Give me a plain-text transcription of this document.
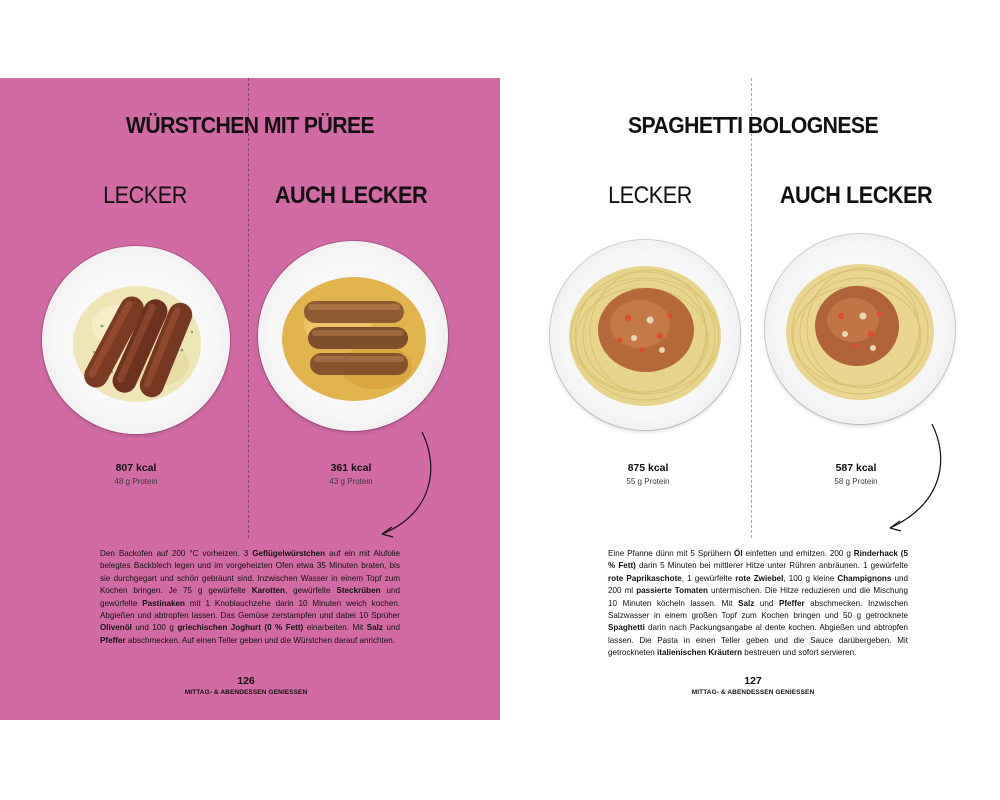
WÜRSTCHEN MIT PÜREE
LECKER	AUCH LECKER
807 kcal
48 g Protein
361 kcal
43 g Protein
Den Backofen auf 200 °C vorheizen. 3 Geflügelwürstchen auf ein mit Alufolie belegtes Backblech legen und im vorgeheizten Ofen etwa 35 Minuten braten, bis sie durchgegart und schön gebräunt sind. Inzwischen Wasser in einem Topf zum Kochen bringen. Je 75 g gewürfelte Karotten, gewürfelte Steckrüben und gewürfelte Pastinaken mit 1 Knoblauchzehe darin 10 Minuten weich kochen. Abgießen und abtropfen lassen. Das Gemüse zerstampfen und dabei 10 Sprüher Olivenöl und 100 g griechischen Joghurt (0 % Fett) einarbeiten. Mit Salz und Pfeffer abschmecken. Auf einen Teller geben und die Würstchen darauf anrichten.
126
MITTAG- & ABENDESSEN GENIESSEN
SPAGHETTI BOLOGNESE
LECKER	AUCH LECKER
875 kcal
55 g Protein
587 kcal
58 g Protein
Eine Pfanne dünn mit 5 Sprühern Öl einfetten und erhitzen. 200 g Rinderhack (5 % Fett) darin 5 Minuten bei mittlerer Hitze unter Rühren anbräunen. 1 gewürfelte rote Paprikaschote, 1 gewürfelte rote Zwiebel, 100 g kleine Champignons und 200 ml passierte Tomaten untermischen. Die Hitze reduzieren und die Mischung 10 Minuten köcheln lassen. Mit Salz und Pfeffer abschmecken. Inzwischen Salzwasser in einem großen Topf zum Kochen bringen und 50 g getrocknete Spaghetti darin nach Packungsangabe al dente kochen. Abgießen und abtropfen lassen. Die Pasta in einen Teller geben und die Sauce darübergeben. Mit getrockneten italienischen Kräutern bestreuen und sofort servieren.
127
MITTAG- & ABENDESSEN GENIESSEN
